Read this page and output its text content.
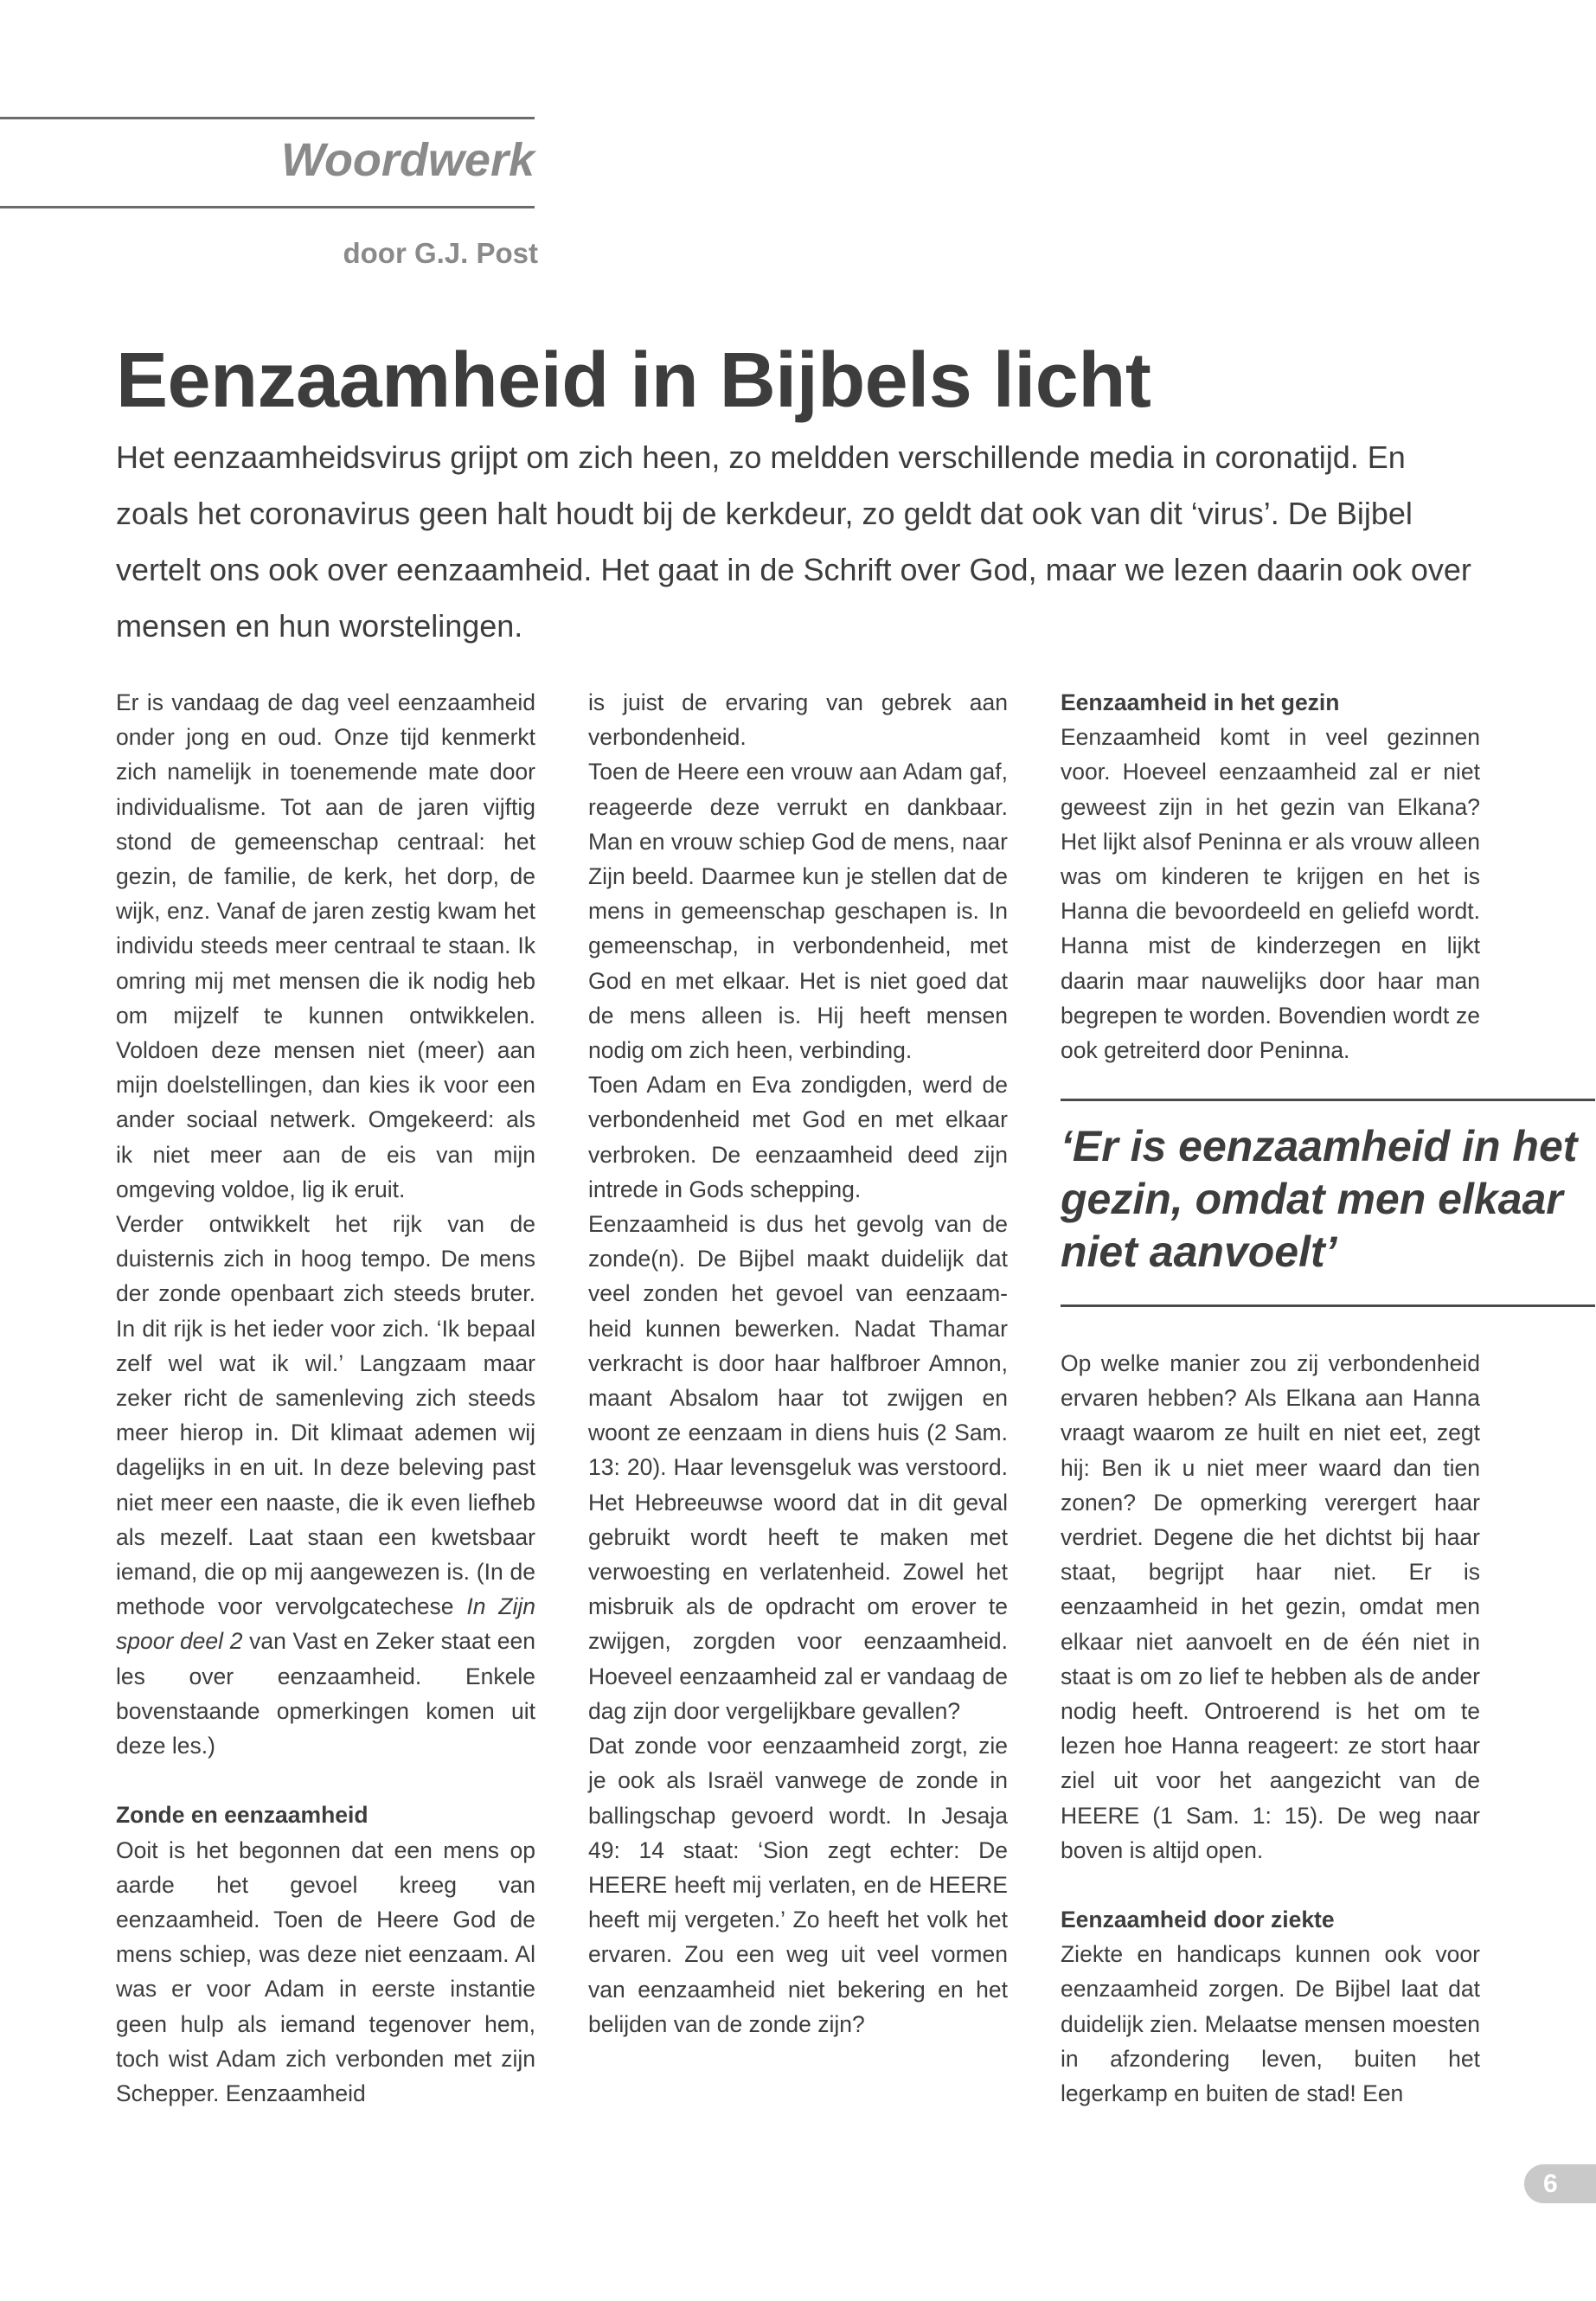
Woordwerk

door G.J. Post

Eenzaamheid in Bijbels licht

Het eenzaamheidsvirus grijpt om zich heen, zo meldden verschillende media in coronatijd. En zoals het coronavirus geen halt houdt bij de kerkdeur, zo geldt dat ook van dit ‘virus’. De Bijbel vertelt ons ook over eenzaamheid. Het gaat in de Schrift over God, maar we lezen daarin ook over mensen en hun worstelingen.

Er is vandaag de dag veel eenzaamheid onder jong en oud. Onze tijd kenmerkt zich namelijk in toenemende mate door individualisme. Tot aan de jaren vijftig stond de gemeenschap centraal: het gezin, de familie, de kerk, het dorp, de wijk, enz. Vanaf de jaren zestig kwam het individu steeds meer centraal te staan. Ik omring mij met mensen die ik nodig heb om mijzelf te kunnen ontwikkelen. Voldoen deze mensen niet (meer) aan mijn doelstellingen, dan kies ik voor een ander sociaal netwerk. Omgekeerd: als ik niet meer aan de eis van mijn omgeving voldoe, lig ik eruit.

Verder ontwikkelt het rijk van de duisternis zich in hoog tempo. De mens der zonde openbaart zich steeds bruter. In dit rijk is het ieder voor zich. ‘Ik bepaal zelf wel wat ik wil.’ Langzaam maar zeker richt de samenleving zich steeds meer hierop in. Dit klimaat ademen wij dagelijks in en uit. In deze beleving past niet meer een naaste, die ik even liefheb als mezelf. Laat staan een kwetsbaar iemand, die op mij aangewezen is. (In de methode voor vervolgcatechese In Zijn spoor deel 2 van Vast en Zeker staat een les over eenzaamheid. Enkele bovenstaande opmerkingen komen uit deze les.)

Zonde en eenzaamheid

Ooit is het begonnen dat een mens op aarde het gevoel kreeg van eenzaamheid. Toen de Heere God de mens schiep, was deze niet eenzaam. Al was er voor Adam in eerste instantie geen hulp als iemand tegenover hem, toch wist Adam zich verbonden met zijn Schepper. Eenzaamheid

is juist de ervaring van gebrek aan verbondenheid.

Toen de Heere een vrouw aan Adam gaf, reageerde deze verrukt en dankbaar. Man en vrouw schiep God de mens, naar Zijn beeld. Daarmee kun je stellen dat de mens in gemeenschap geschapen is. In gemeenschap, in verbondenheid, met God en met elkaar. Het is niet goed dat de mens alleen is. Hij heeft mensen nodig om zich heen, verbinding.

Toen Adam en Eva zondigden, werd de verbondenheid met God en met elkaar verbroken. De eenzaamheid deed zijn intrede in Gods schepping.

Eenzaamheid is dus het gevolg van de zonde(n). De Bijbel maakt duidelijk dat veel zonden het gevoel van eenzaamheid kunnen bewerken. Nadat Thamar verkracht is door haar halfbroer Amnon, maant Absalom haar tot zwijgen en woont ze eenzaam in diens huis (2 Sam. 13: 20). Haar levensgeluk was verstoord. Het Hebreeuwse woord dat in dit geval gebruikt wordt heeft te maken met verwoesting en verlatenheid. Zowel het misbruik als de opdracht om erover te zwijgen, zorgden voor eenzaamheid. Hoeveel eenzaamheid zal er vandaag de dag zijn door vergelijkbare gevallen?

Dat zonde voor eenzaamheid zorgt, zie je ook als Israël vanwege de zonde in ballingschap gevoerd wordt. In Jesaja 49: 14 staat: ‘Sion zegt echter: De HEERE heeft mij verlaten, en de HEERE heeft mij vergeten.’ Zo heeft het volk het ervaren. Zou een weg uit veel vormen van eenzaamheid niet bekering en het belijden van de zonde zijn?

Eenzaamheid in het gezin

Eenzaamheid komt in veel gezinnen voor. Hoeveel eenzaamheid zal er niet geweest zijn in het gezin van Elkana? Het lijkt alsof Peninna er als vrouw alleen was om kinderen te krijgen en het is Hanna die bevoordeeld en geliefd wordt. Hanna mist de kinderzegen en lijkt daarin maar nauwelijks door haar man begrepen te worden. Bovendien wordt ze ook getreiterd door Peninna.

‘Er is eenzaamheid in het gezin, omdat men elkaar niet aanvoelt’

Op welke manier zou zij verbondenheid ervaren hebben? Als Elkana aan Hanna vraagt waarom ze huilt en niet eet, zegt hij: Ben ik u niet meer waard dan tien zonen? De opmerking verergert haar verdriet. Degene die het dichtst bij haar staat, begrijpt haar niet. Er is eenzaamheid in het gezin, omdat men elkaar niet aanvoelt en de één niet in staat is om zo lief te hebben als de ander nodig heeft. Ontroerend is het om te lezen hoe Hanna reageert: ze stort haar ziel uit voor het aangezicht van de HEERE (1 Sam. 1: 15). De weg naar boven is altijd open.

Eenzaamheid door ziekte

Ziekte en handicaps kunnen ook voor eenzaamheid zorgen. De Bijbel laat dat duidelijk zien. Melaatse mensen moesten in afzondering leven, buiten het legerkamp en buiten de stad! Een

6
